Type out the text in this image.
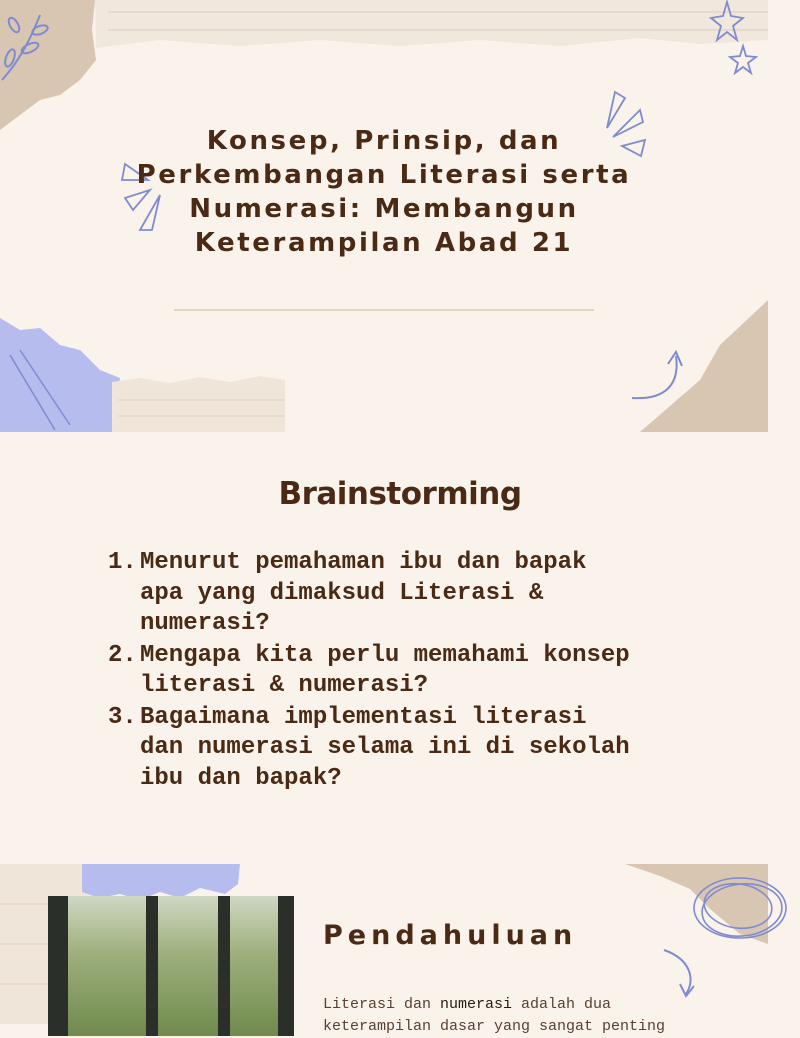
Konsep, Prinsip, dan
Perkembangan Literasi serta
Numerasi: Membangun
Keterampilan Abad 21
Brainstorming
1. Menurut pemahaman ibu dan bapak
apa yang dimaksud Literasi &
numerasi?
2. Mengapa kita perlu memahami konsep
literasi & numerasi?
3. Bagaimana implementasi literasi
dan numerasi selama ini di sekolah
ibu dan bapak?
Pendahuluan
Literasi dan numerasi adalah dua
keterampilan dasar yang sangat penting
